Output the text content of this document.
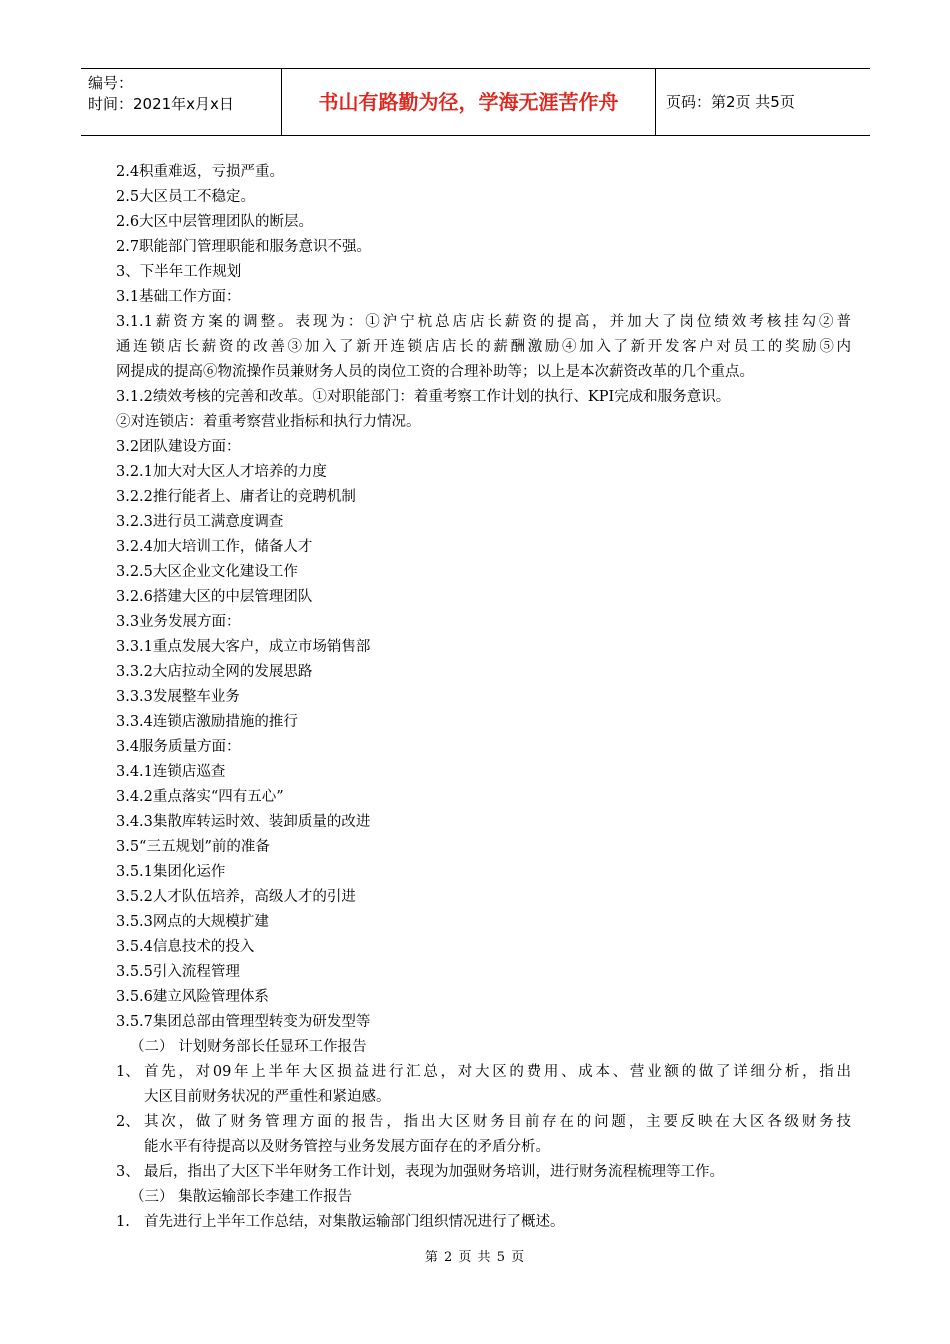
编号：
时间：2021年x月x日	书山有路勤为径，学海无涯苦作舟	页码：第2页 共5页
2.4积重难返，亏损严重。
2.5大区员工不稳定。
2.6大区中层管理团队的断层。
2.7职能部门管理职能和服务意识不强。
3、下半年工作规划
3.1基础工作方面：
3.1.1薪资方案的调整。表现为：①沪宁杭总店店长薪资的提高，并加大了岗位绩效考核挂勾②普
通连锁店长薪资的改善③加入了新开连锁店店长的薪酬激励④加入了新开发客户对员工的奖励⑤内
网提成的提高⑥物流操作员兼财务人员的岗位工资的合理补助等；以上是本次薪资改革的几个重点。
3.1.2绩效考核的完善和改革。①对职能部门：着重考察工作计划的执行、KPI完成和服务意识。
②对连锁店：着重考察营业指标和执行力情况。
3.2团队建设方面：
3.2.1加大对大区人才培养的力度
3.2.2推行能者上、庸者让的竞聘机制
3.2.3进行员工满意度调查
3.2.4加大培训工作，储备人才
3.2.5大区企业文化建设工作
3.2.6搭建大区的中层管理团队
3.3业务发展方面：
3.3.1重点发展大客户，成立市场销售部
3.3.2大店拉动全网的发展思路
3.3.3发展整车业务
3.3.4连锁店激励措施的推行
3.4服务质量方面：
3.4.1连锁店巡查
3.4.2重点落实“四有五心”
3.4.3集散库转运时效、装卸质量的改进
3.5“三五规划”前的准备
3.5.1集团化运作
3.5.2人才队伍培养，高级人才的引进
3.5.3网点的大规模扩建
3.5.4信息技术的投入
3.5.5引入流程管理
3.5.6建立风险管理体系
3.5.7集团总部由管理型转变为研发型等
（二） 计划财务部长任显环工作报告
1、 首先，对09年上半年大区损益进行汇总，对大区的费用、成本、营业额的做了详细分析，指出
大区目前财务状况的严重性和紧迫感。
2、 其次，做了财务管理方面的报告，指出大区财务目前存在的问题，主要反映在大区各级财务技
能水平有待提高以及财务管控与业务发展方面存在的矛盾分析。
3、 最后，指出了大区下半年财务工作计划，表现为加强财务培训，进行财务流程梳理等工作。
（三） 集散运输部长李建工作报告
1. 首先进行上半年工作总结，对集散运输部门组织情况进行了概述。
第 2 页 共 5 页
